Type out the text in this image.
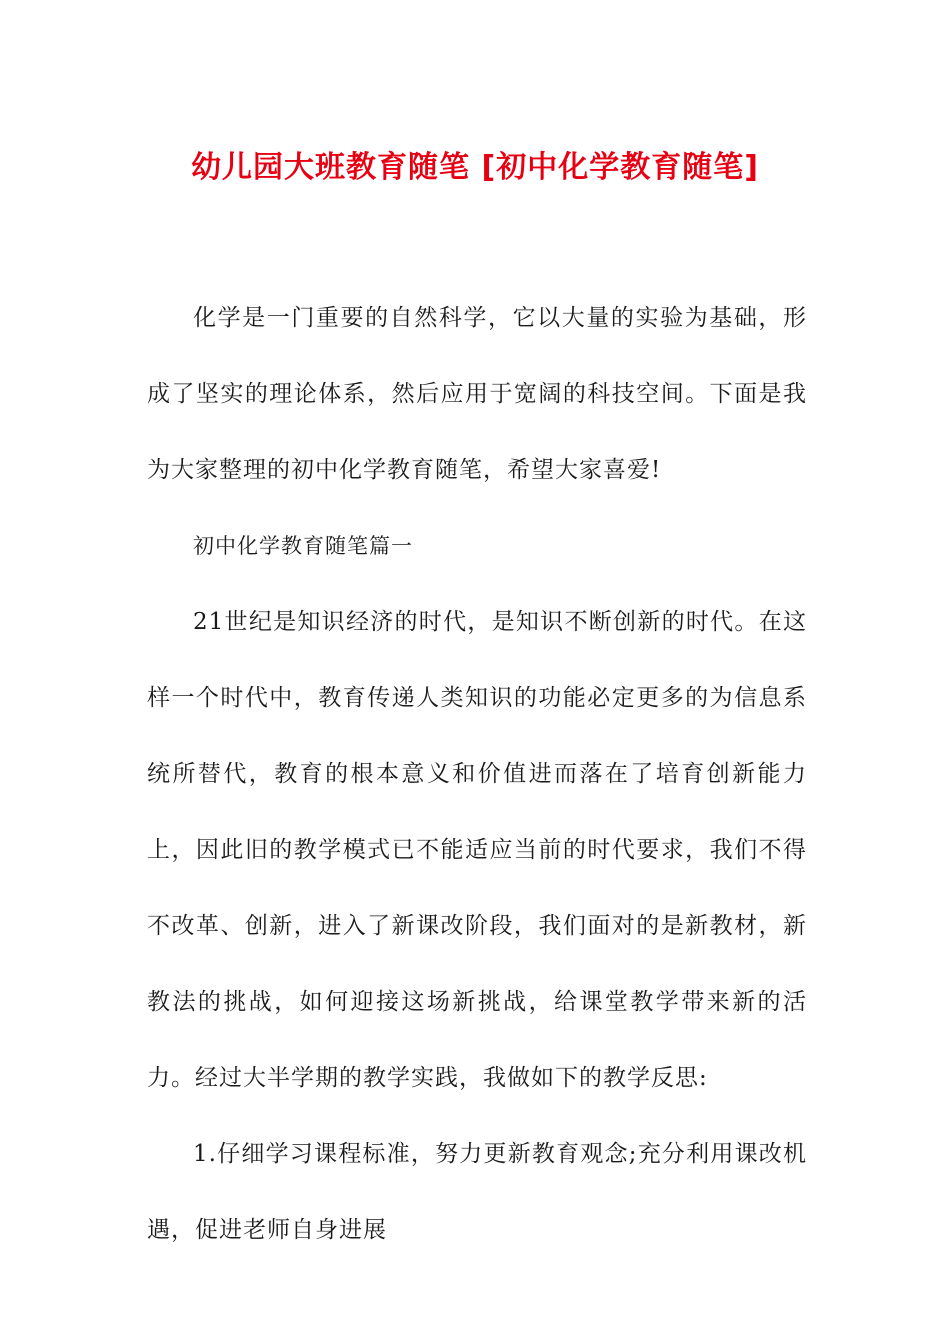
幼儿园大班教育随笔 [初中化学教育随笔]

化学是一门重要的自然科学，它以大量的实验为基础，形成了坚实的理论体系，然后应用于宽阔的科技空间。下面是我为大家整理的初中化学教育随笔，希望大家喜爱!

初中化学教育随笔篇一

21世纪是知识经济的时代，是知识不断创新的时代。在这样一个时代中，教育传递人类知识的功能必定更多的为信息系统所替代，教育的根本意义和价值进而落在了培育创新能力上，因此旧的教学模式已不能适应当前的时代要求，我们不得不改革、创新，进入了新课改阶段，我们面对的是新教材，新教法的挑战，如何迎接这场新挑战，给课堂教学带来新的活力。经过大半学期的教学实践，我做如下的教学反思:

1.仔细学习课程标准，努力更新教育观念;充分利用课改机遇，促进老师自身进展
